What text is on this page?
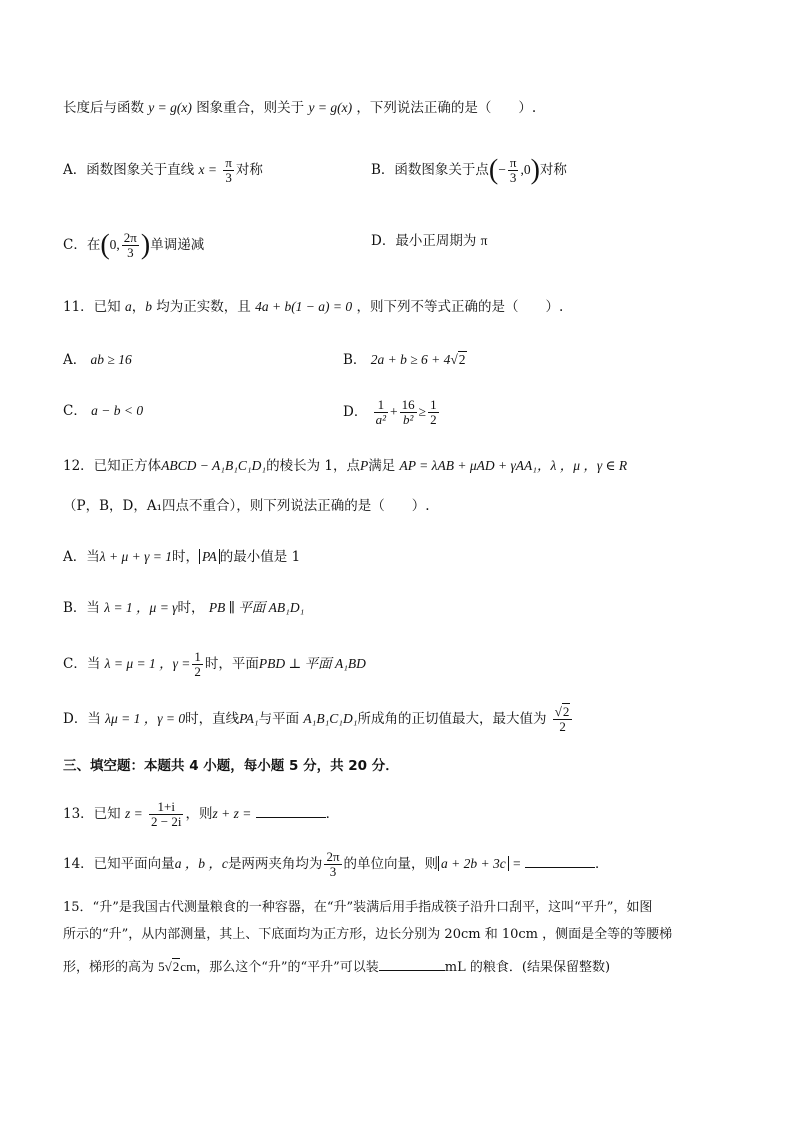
长度后与函数 y = g(x) 图象重合，则关于 y = g(x) ，下列说法正确的是（　　）.
A．函数图象关于直线 $x = \frac{\pi}{3}$ 对称	B．函数图象关于点(− $\frac{\pi}{3} ,0$)对称
C．在(0, $\frac{2\pi}{3}$ )单调递减	D．最小正周期为 π
11．已知 a，b 均为正实数，且 4a + b(1 − a) = 0 ，则下列不等式正确的是（　　）.
A． ab ≥ 16	B． 2a + b ≥ 6 + 4√2
C． a − b < 0	D． $\frac{1}{\text{a²}} + \frac{16}{\text{b²}} \ge \frac{1}{2}$
12．已知正方体ABCD − A₁B₁C₁D₁的棱长为 1，点P满足 AP = λAB + μAD + γAA₁，λ ，μ ，γ ∈ R
（P，B，D，A₁四点不重合），则下列说法正确的是（　　）.
A．当λ + μ + γ = 1时， PA 的最小值是 1
B．当 λ = 1 ，μ = γ时， PB ∥ 平面 AB₁D₁
C．当 λ = μ = 1 ，$\gamma = \frac{1}{2}$ 时，平面PBD ⊥ 平面 A₁BD
D．当 λμ = 1 ，γ = 0时，直线PA₁与平面 A₁B₁C₁D₁所成角的正切值最大，最大值为 $\frac{√2}{2}$
三、填空题：本题共 4 小题，每小题 5 分，共 20 分．
13．已知 $z = \frac{1+i}{2 - 2i}$ ，则z + z =	．
14．已知平面向量a ，b ，c是两两夹角均为 $\frac{2\pi}{3}$ 的单位向量，则 a + 2b + 3c =	．
15．“升”是我国古代测量粮食的一种容器，在“升”装满后用手指成筷子沿升口刮平，这叫“平升”，如图
所示的“升”，从内部测量，其上、下底面均为正方形，边长分别为 20cm 和 10cm ，侧面是全等的等腰梯
形，梯形的高为 5√2cm，那么这个“升”的“平升”可以装	mL 的粮食．(结果保留整数)
